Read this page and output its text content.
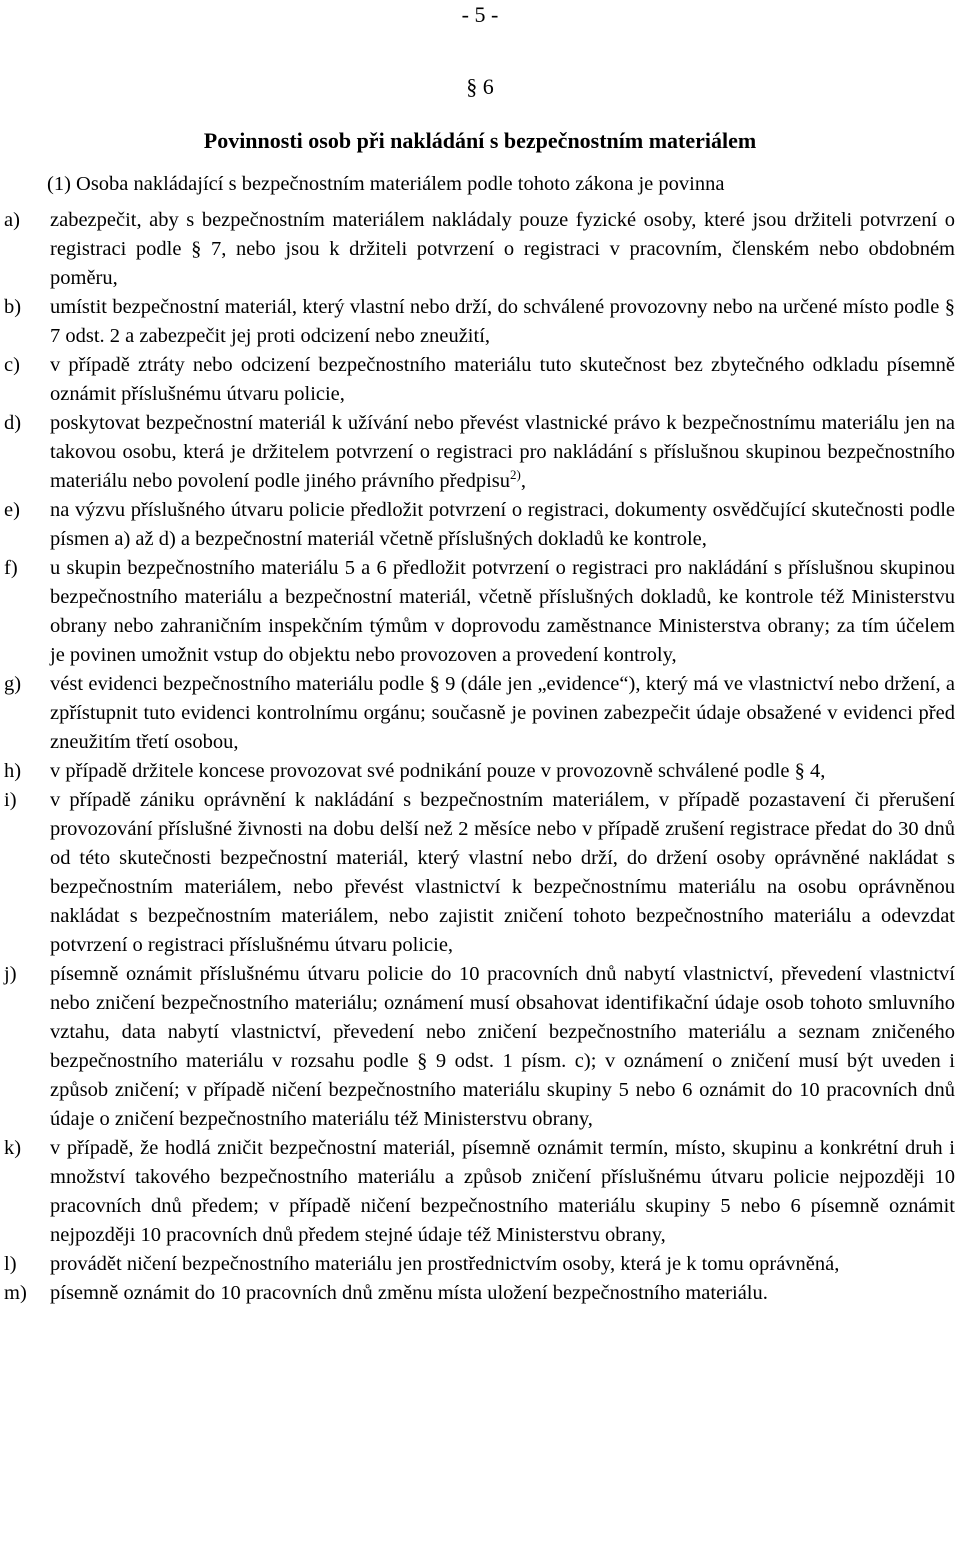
- 5 -
§ 6
Povinnosti osob při nakládání s bezpečnostním materiálem
(1) Osoba nakládající s bezpečnostním materiálem podle tohoto zákona je povinna
a) zabezpečit, aby s bezpečnostním materiálem nakládaly pouze fyzické osoby, které jsou držiteli potvrzení o registraci podle § 7, nebo jsou k držiteli potvrzení o registraci v pracovním, členském nebo obdobném poměru,
b) umístit bezpečnostní materiál, který vlastní nebo drží, do schválené provozovny nebo na určené místo podle § 7 odst. 2 a zabezpečit jej proti odcizení nebo zneužití,
c) v případě ztráty nebo odcizení bezpečnostního materiálu tuto skutečnost bez zbytečného odkladu písemně oznámit příslušnému útvaru policie,
d) poskytovat bezpečnostní materiál k užívání nebo převést vlastnické právo k bezpečnostnímu materiálu jen na takovou osobu, která je držitelem potvrzení o registraci pro nakládání s příslušnou skupinou bezpečnostního materiálu nebo povolení podle jiného právního předpisu$^{2)}$,
e) na výzvu příslušného útvaru policie předložit potvrzení o registraci, dokumenty osvědčující skutečnosti podle písmen a) až d) a bezpečnostní materiál včetně příslušných dokladů ke kontrole,
f) u skupin bezpečnostního materiálu 5 a 6 předložit potvrzení o registraci pro nakládání s příslušnou skupinou bezpečnostního materiálu a bezpečnostní materiál, včetně příslušných dokladů, ke kontrole též Ministerstvu obrany nebo zahraničním inspekčním týmům v doprovodu zaměstnance Ministerstva obrany; za tím účelem je povinen umožnit vstup do objektu nebo provozoven a provedení kontroly,
g) vést evidenci bezpečnostního materiálu podle § 9 (dále jen „evidence“), který má ve vlastnictví nebo držení, a zpřístupnit tuto evidenci kontrolnímu orgánu; současně je povinen zabezpečit údaje obsažené v evidenci před zneužitím třetí osobou,
h) v případě držitele koncese provozovat své podnikání pouze v provozovně schválené podle § 4,
i) v případě zániku oprávnění k nakládání s bezpečnostním materiálem, v případě pozastavení či přerušení provozování příslušné živnosti na dobu delší než 2 měsíce nebo v případě zrušení registrace předat do 30 dnů od této skutečnosti bezpečnostní materiál, který vlastní nebo drží, do držení osoby oprávněné nakládat s bezpečnostním materiálem, nebo převést vlastnictví k bezpečnostnímu materiálu na osobu oprávněnou nakládat s bezpečnostním materiálem, nebo zajistit zničení tohoto bezpečnostního materiálu a odevzdat potvrzení o registraci příslušnému útvaru policie,
j) písemně oznámit příslušnému útvaru policie do 10 pracovních dnů nabytí vlastnictví, převedení vlastnictví nebo zničení bezpečnostního materiálu; oznámení musí obsahovat identifikační údaje osob tohoto smluvního vztahu, data nabytí vlastnictví, převedení nebo zničení bezpečnostního materiálu a seznam zničeného bezpečnostního materiálu v rozsahu podle § 9 odst. 1 písm. c); v oznámení o zničení musí být uveden i způsob zničení; v případě ničení bezpečnostního materiálu skupiny 5 nebo 6 oznámit do 10 pracovních dnů údaje o zničení bezpečnostního materiálu též Ministerstvu obrany,
k) v případě, že hodlá zničit bezpečnostní materiál, písemně oznámit termín, místo, skupinu a konkrétní druh i množství takového bezpečnostního materiálu a způsob zničení příslušnému útvaru policie nejpozději 10 pracovních dnů předem; v případě ničení bezpečnostního materiálu skupiny 5 nebo 6 písemně oznámit nejpozději 10 pracovních dnů předem stejné údaje též Ministerstvu obrany,
l) provádět ničení bezpečnostního materiálu jen prostřednictvím osoby, která je k tomu oprávněná,
m) písemně oznámit do 10 pracovních dnů změnu místa uložení bezpečnostního materiálu.
